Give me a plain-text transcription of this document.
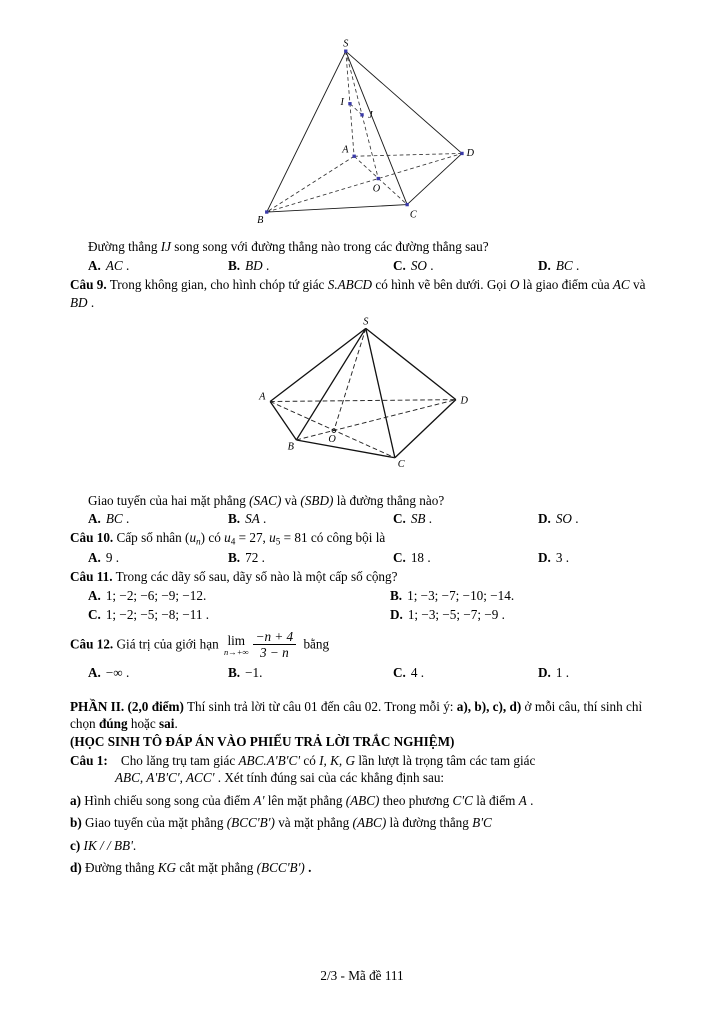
S
I
J
A
B
C
D
O

Đường thẳng IJ song song với đường thẳng nào trong các đường thẳng sau?

A. AC .	B. BD .	C. SO .	D. BC .

Câu 9. Trong không gian, cho hình chóp tứ giác S.ABCD có hình vẽ bên dưới. Gọi O là giao điểm của AC và BD .

S
A
B
C
D
O

Giao tuyến của hai mặt phẳng (SAC) và (SBD) là đường thẳng nào?

A. BC .	B. SA .	C. SB .	D. SO .

Câu 10. Cấp số nhân (un) có u4 = 27, u5 = 81 có công bội là

A. 9 .	B. 72 .	C. 18 .	D. 3 .

Câu 11. Trong các dãy số sau, dãy số nào là một cấp số cộng?

A. 1; −2; −6; −9; −12.	B. 1; −3; −7; −10; −14.
C. 1; −2; −5; −8; −11 .	D. 1; −3; −5; −7; −9 .

Câu 12. Giá trị của giới hạn lim
$n\to+\infty \frac{-n + 4}{3 - n}$ bằng

A. −∞ .	B. −1.	C. 4 .	D. 1 .

PHẦN II. (2,0 điểm) Thí sinh trả lời từ câu 01 đến câu 02. Trong mỗi ý: a), b), c), d) ở mỗi câu, thí sinh chỉ chọn đúng hoặc sai.

(HỌC SINH TÔ ĐÁP ÁN VÀO PHIẾU TRẢ LỜI TRẮC NGHIỆM)

Câu 1:    Cho lăng trụ tam giác ABC.A'B'C' có I, K, G lần lượt là trọng tâm các tam giác

ABC, A'B'C', ACC' . Xét tính đúng sai của các khẳng định sau:

a) Hình chiếu song song của điểm A' lên mặt phẳng (ABC) theo phương C'C là điểm A .

b) Giao tuyến của mặt phẳng (BCC'B') và mặt phẳng (ABC) là đường thẳng B'C

c) IK / / BB'.

d) Đường thẳng KG cắt mặt phẳng (BCC'B') .

2/3 - Mã đề 111
